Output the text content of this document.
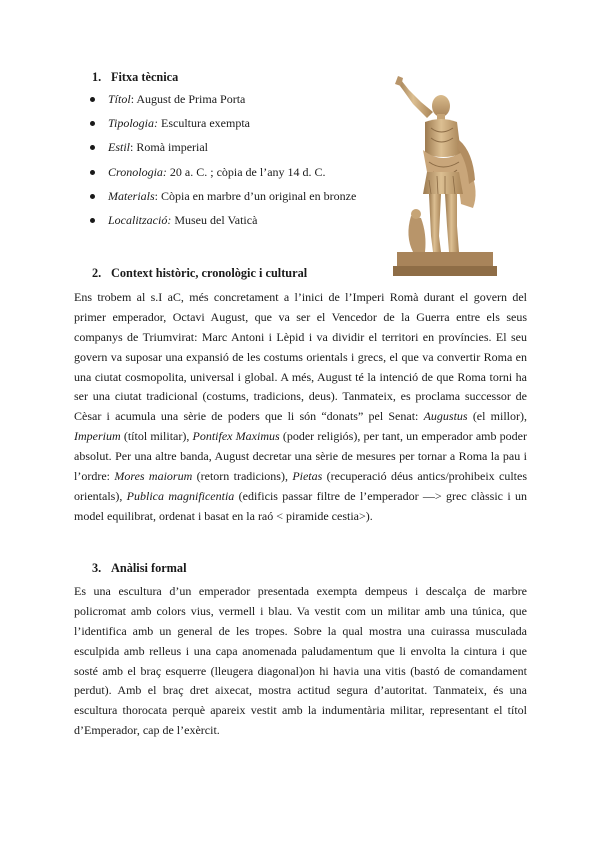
1. Fitxa tècnica
Títol: August de Prima Porta
Tipologia: Escultura exempta
Estil: Romà imperial
Cronologia: 20 a. C. ; còpia de l’any 14 d. C.
Materials: Còpia en marbre d’un original en bronze
Localització: Museu del Vaticà
2. Context històric, cronològic i cultural
Ens trobem al s.I aC, més concretament a l’inici de l’Imperi Romà durant el govern del
primer emperador, Octavi August, que va ser el Vencedor de la Guerra entre els seus
companys de Triumvirat: Marc Antoni i Lèpid i va dividir el territori en províncies. El seu
govern va suposar una expansió de les costums orientals i grecs, el que va convertir Roma en
una ciutat cosmopolita, universal i global. A més, August té la intenció de que Roma torni ha
ser una ciutat tradicional (costums, tradicions, deus). Tanmateix, es proclama successor de
Cèsar i acumula una sèrie de poders que li són “donats” pel Senat: Augustus (el millor),
Imperium (títol militar), Pontifex Maximus (poder religiós), per tant, un emperador amb poder
absolut. Per una altre banda, August decretar una sèrie de mesures per tornar a Roma la pau i
l’ordre: Mores maiorum (retorn tradicions), Pietas (recuperació déus antics/prohibeix cultes
orientals), Publica magnificentia (edificis passar filtre de l’emperador —> grec clàssic i un
model equilibrat, ordenat i basat en la raó < piramide cestia>).
3. Anàlisi formal
Es una escultura d’un emperador presentada exempta dempeus i descalça de marbre
policromat amb colors vius, vermell i blau. Va vestit com un militar amb una túnica, que
l’identifica amb un general de les tropes. Sobre la qual mostra una cuirassa musculada
esculpida amb relleus i una capa anomenada paludamentum que li envolta la cintura i que
sosté amb el braç esquerre (lleugera diagonal)on hi havia una vitis (bastó de comandament
perdut). Amb el braç dret aixecat, mostra actitud segura d’autoritat. Tanmateix, és una
escultura thorocata perquè apareix vestit amb la indumentària militar, representant el títol
d’Emperador, cap de l’exèrcit.
